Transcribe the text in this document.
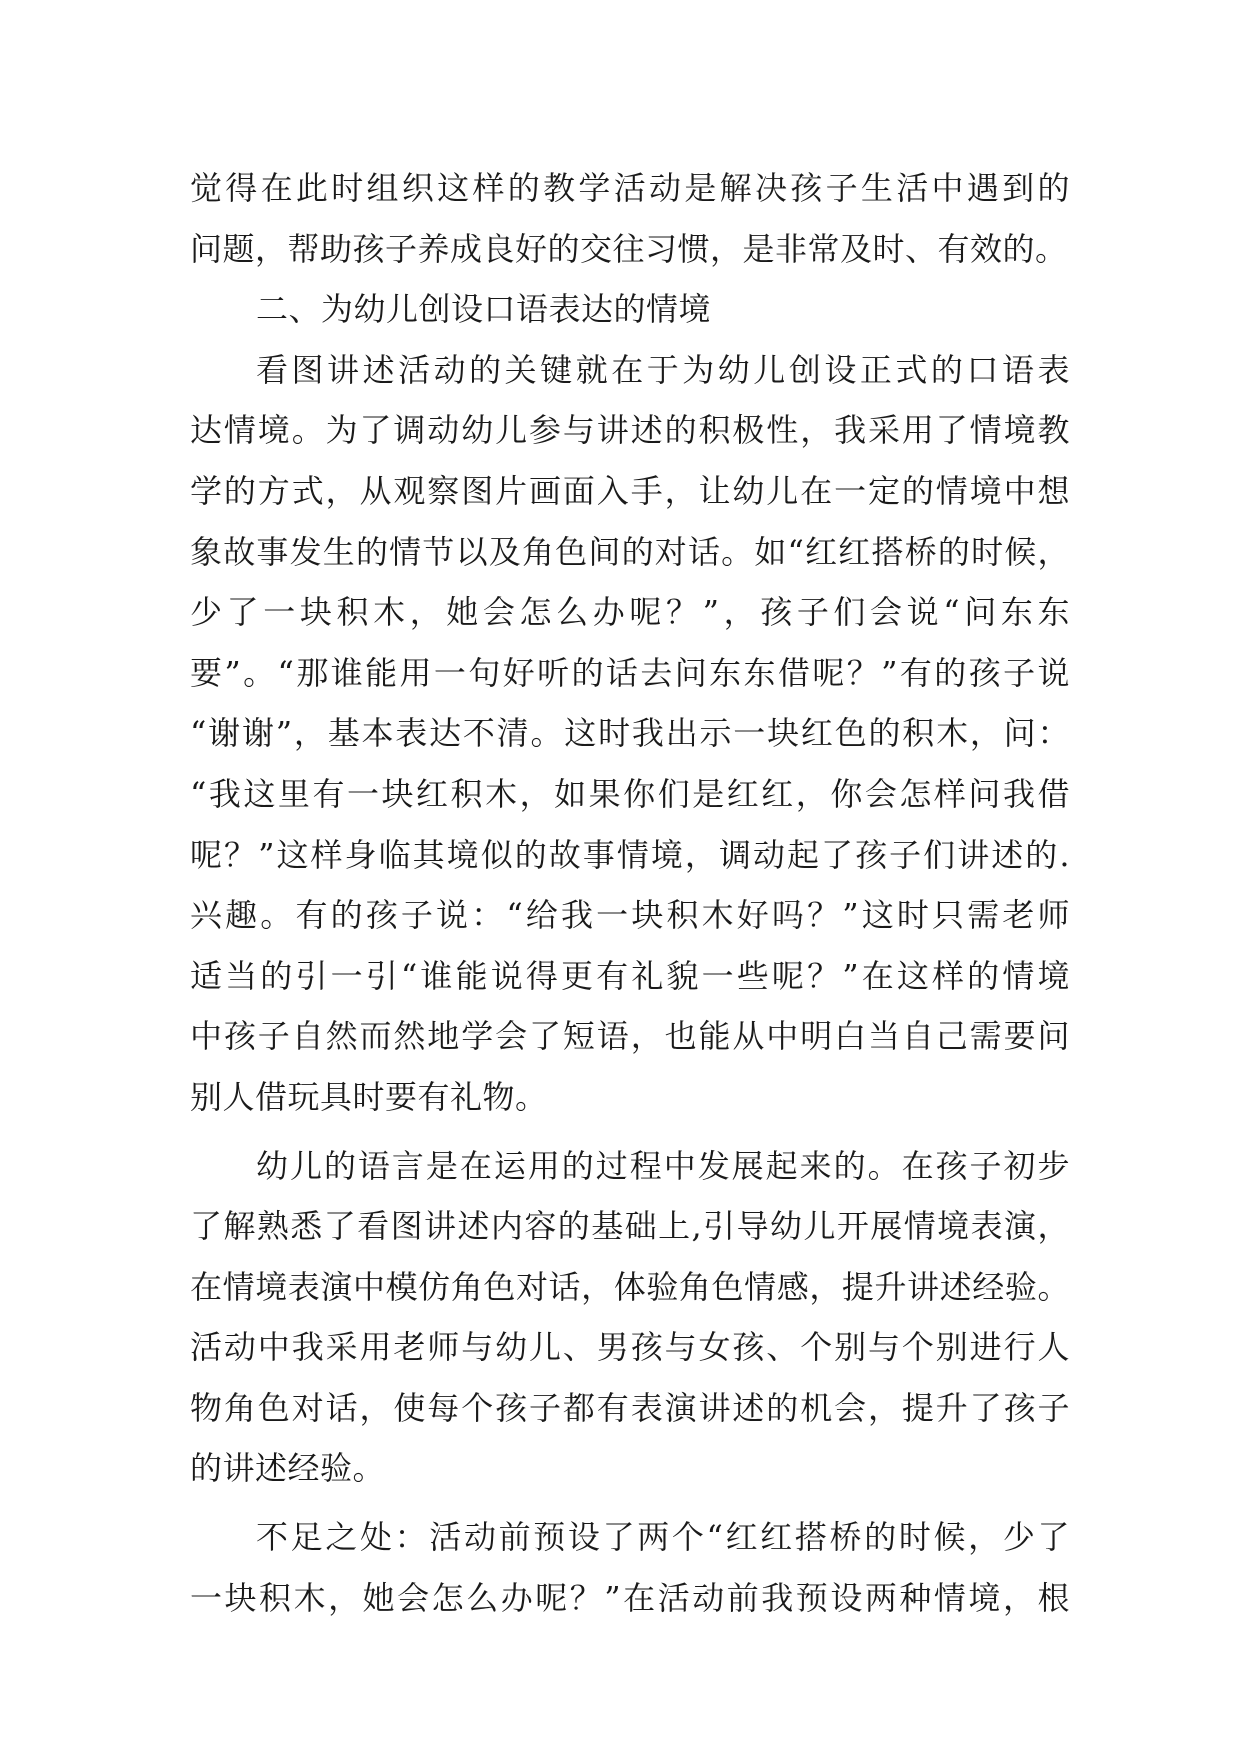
觉得在此时组织这样的教学活动是解决孩子生活中遇到的
问题，帮助孩子养成良好的交往习惯，是非常及时、有效的。
二、为幼儿创设口语表达的情境
看图讲述活动的关键就在于为幼儿创设正式的口语表
达情境。为了调动幼儿参与讲述的积极性，我采用了情境教
学的方式，从观察图片画面入手，让幼儿在一定的情境中想
象故事发生的情节以及角色间的对话。如“红红搭桥的时候，
少了一块积木，她会怎么办呢？”，孩子们会说“问东东
要”。“那谁能用一句好听的话去问东东借呢？”有的孩子说
“谢谢”，基本表达不清。这时我出示一块红色的积木，问：
“我这里有一块红积木，如果你们是红红，你会怎样问我借
呢？”这样身临其境似的故事情境，调动起了孩子们讲述的.
兴趣。有的孩子说：“给我一块积木好吗？”这时只需老师
适当的引一引“谁能说得更有礼貌一些呢？”在这样的情境
中孩子自然而然地学会了短语，也能从中明白当自己需要问
别人借玩具时要有礼物。
幼儿的语言是在运用的过程中发展起来的。在孩子初步
了解熟悉了看图讲述内容的基础上,引导幼儿开展情境表演，
在情境表演中模仿角色对话，体验角色情感，提升讲述经验。
活动中我采用老师与幼儿、男孩与女孩、个别与个别进行人
物角色对话，使每个孩子都有表演讲述的机会，提升了孩子
的讲述经验。
不足之处：活动前预设了两个“红红搭桥的时候，少了
一块积木，她会怎么办呢？”在活动前我预设两种情境，根
